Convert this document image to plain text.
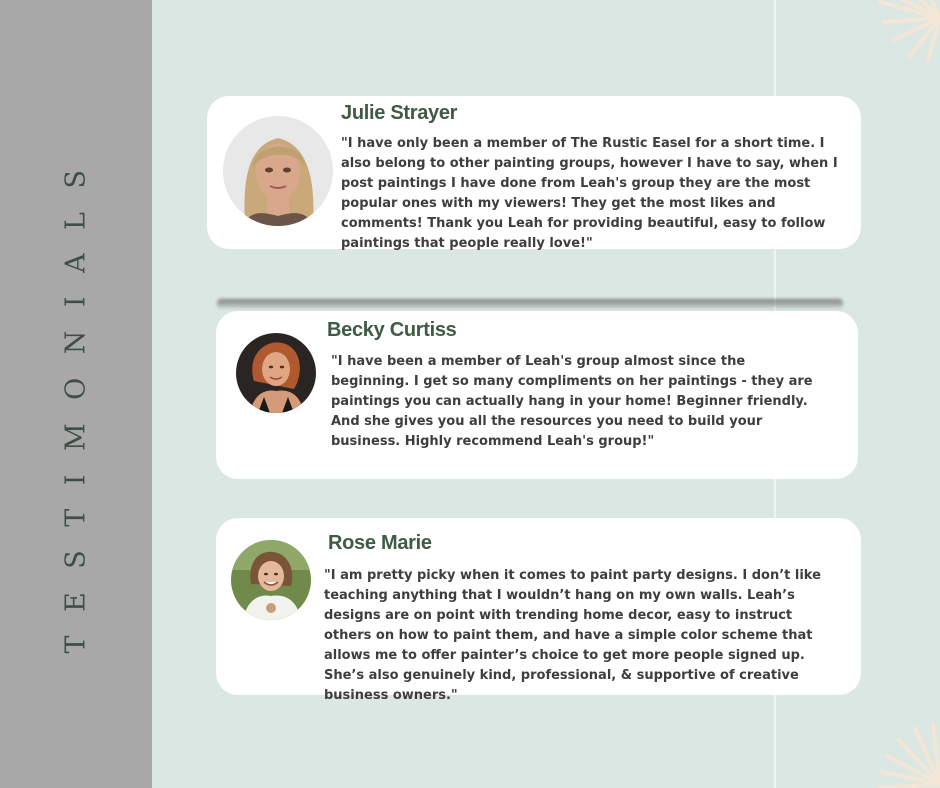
TESTIMONIALS
Julie Strayer

"I have only been a member of The Rustic Easel for a short time. I also belong to other painting groups, however I have to say, when I post paintings I have done from Leah's group they are the most popular ones with my viewers! They get the most likes and comments! Thank you Leah for providing beautiful, easy to follow paintings that people really love!"

Becky Curtiss

"I have been a member of Leah's group almost since the beginning. I get so many compliments on her paintings - they are paintings you can actually hang in your home! Beginner friendly. And she gives you all the resources you need to build your business. Highly recommend Leah's group!"

Rose Marie

"I am pretty picky when it comes to paint party designs. I don’t like teaching anything that I wouldn’t hang on my own walls. Leah’s designs are on point with trending home decor, easy to instruct others on how to paint them, and have a simple color scheme that allows me to offer painter’s choice to get more people signed up. She’s also genuinely kind, professional, & supportive of creative business owners."
